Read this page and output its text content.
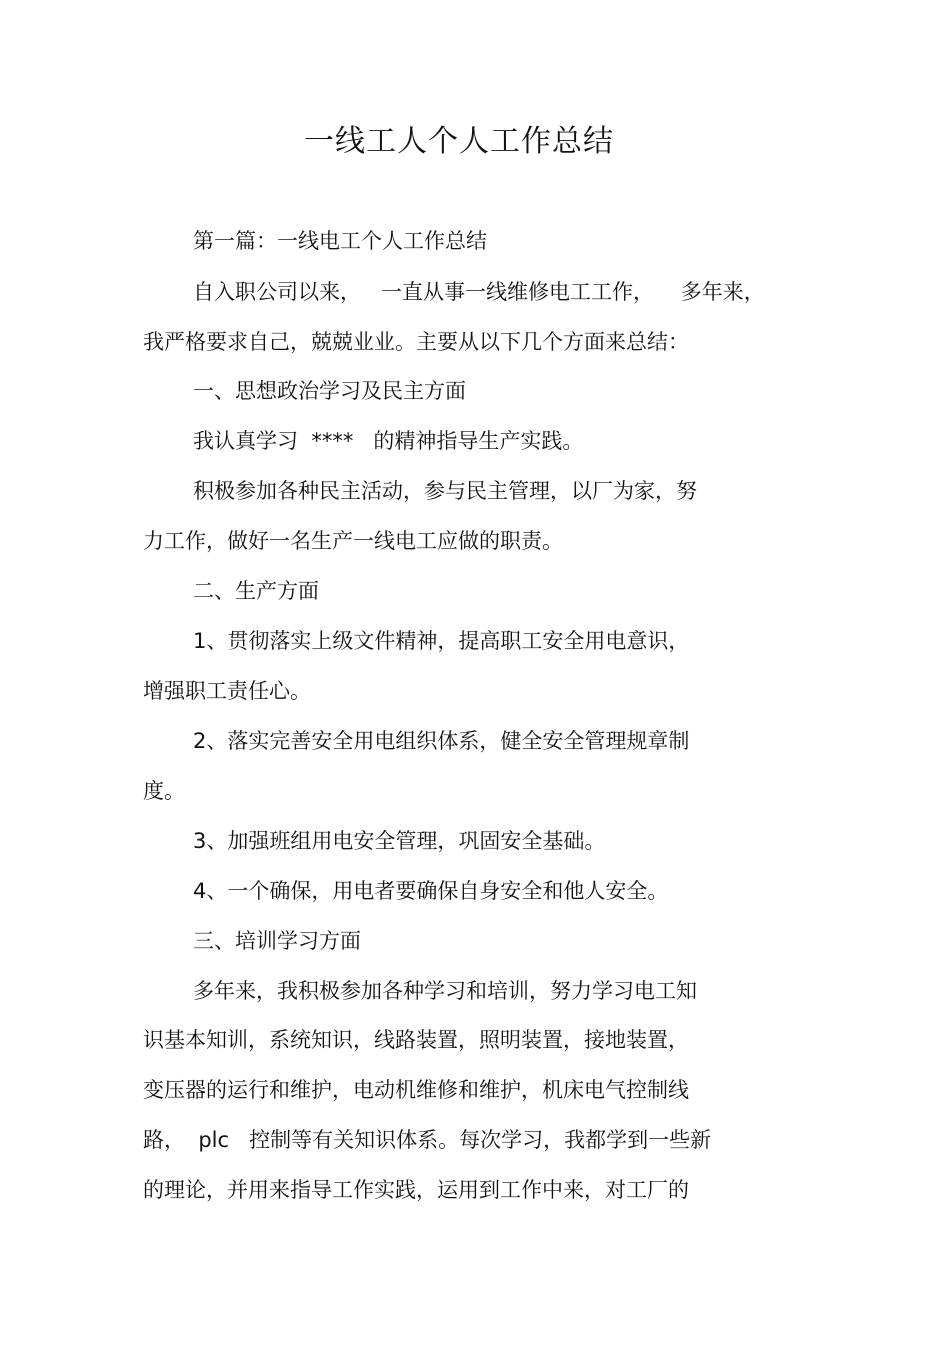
一线工人个人工作总结
第一篇：一线电工个人工作总结
自入职公司以来，   一直从事一线维修电工工作，    多年来，
我严格要求自己，兢兢业业。主要从以下几个方面来总结：
一、思想政治学习及民主方面
我认真学习  ****   的精神指导生产实践。
积极参加各种民主活动，参与民主管理，以厂为家，努
力工作，做好一名生产一线电工应做的职责。
二、生产方面
1、贯彻落实上级文件精神，提高职工安全用电意识，
增强职工责任心。
2、落实完善安全用电组织体系，健全安全管理规章制
度。
3、加强班组用电安全管理，巩固安全基础。
4、一个确保，用电者要确保自身安全和他人安全。
三、培训学习方面
多年来，我积极参加各种学习和培训，努力学习电工知
识基本知训，系统知识，线路装置，照明装置，接地装置，
变压器的运行和维护，电动机维修和维护，机床电气控制线
路，  plc   控制等有关知识体系。每次学习，我都学到一些新
的理论，并用来指导工作实践，运用到工作中来，对工厂的
